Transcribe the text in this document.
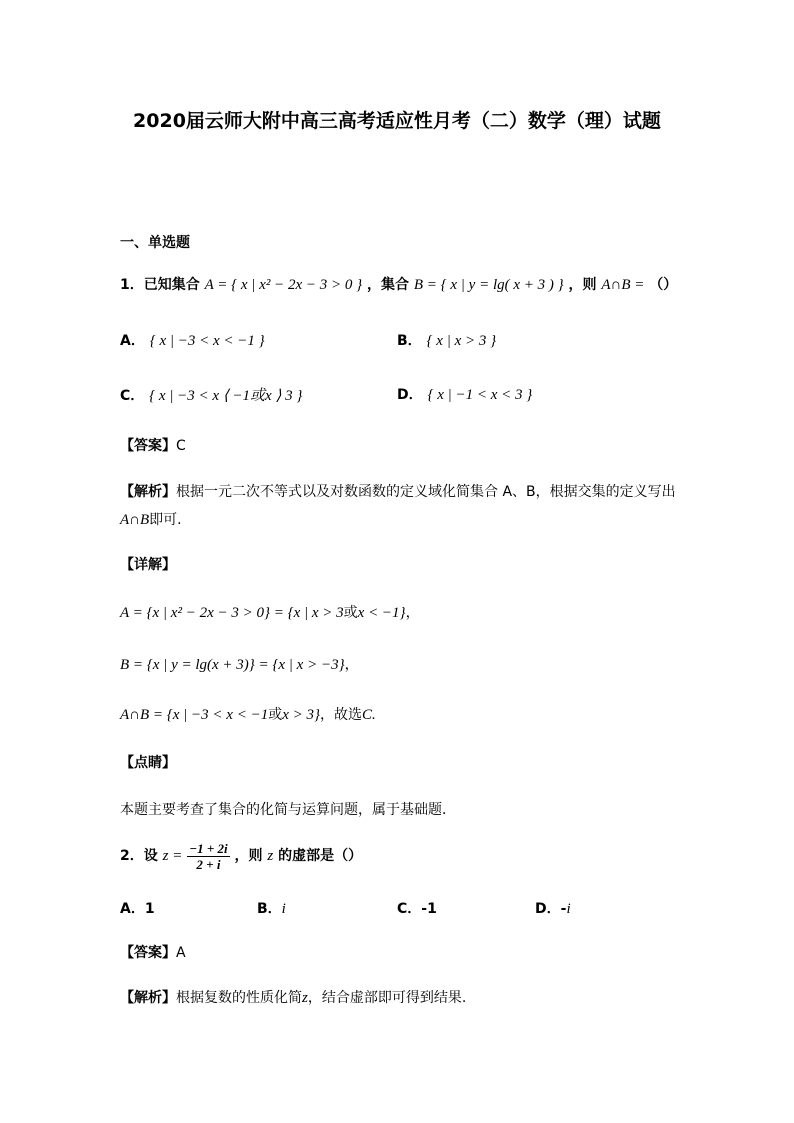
2020届云师大附中高三高考适应性月考（二）数学（理）试题
一、单选题
1．已知集合 A = { x | x² − 2x − 3 > 0 } ，集合 B = { x | y = lg( x + 3 ) } ，则 A∩B = （）
A． { x | −3 < x < −1 }	B． { x | x > 3 }
C． { x | −3 < x ⟨ −1或x ⟩ 3 }	D． { x | −1 < x < 3 }
【答案】C
【解析】根据一元二次不等式以及对数函数的定义域化简集合 A、B，根据交集的定义写出
A∩B即可.
【详解】
A = {x | x² − 2x − 3 > 0} = {x | x > 3或x < −1}，
B = {x | y = lg(x + 3)} = {x | x > −3}，
A∩B = {x | −3 < x < −1或x > 3}，故选C.
【点睛】
本题主要考查了集合的化简与运算问题，属于基础题．
2．设 $z = \frac{-1 + 2i}{2 + i}$ ，则 z 的虚部是（）
A．1	B．i	C．-1	D．-i
【答案】A
【解析】根据复数的性质化简z，结合虚部即可得到结果.
